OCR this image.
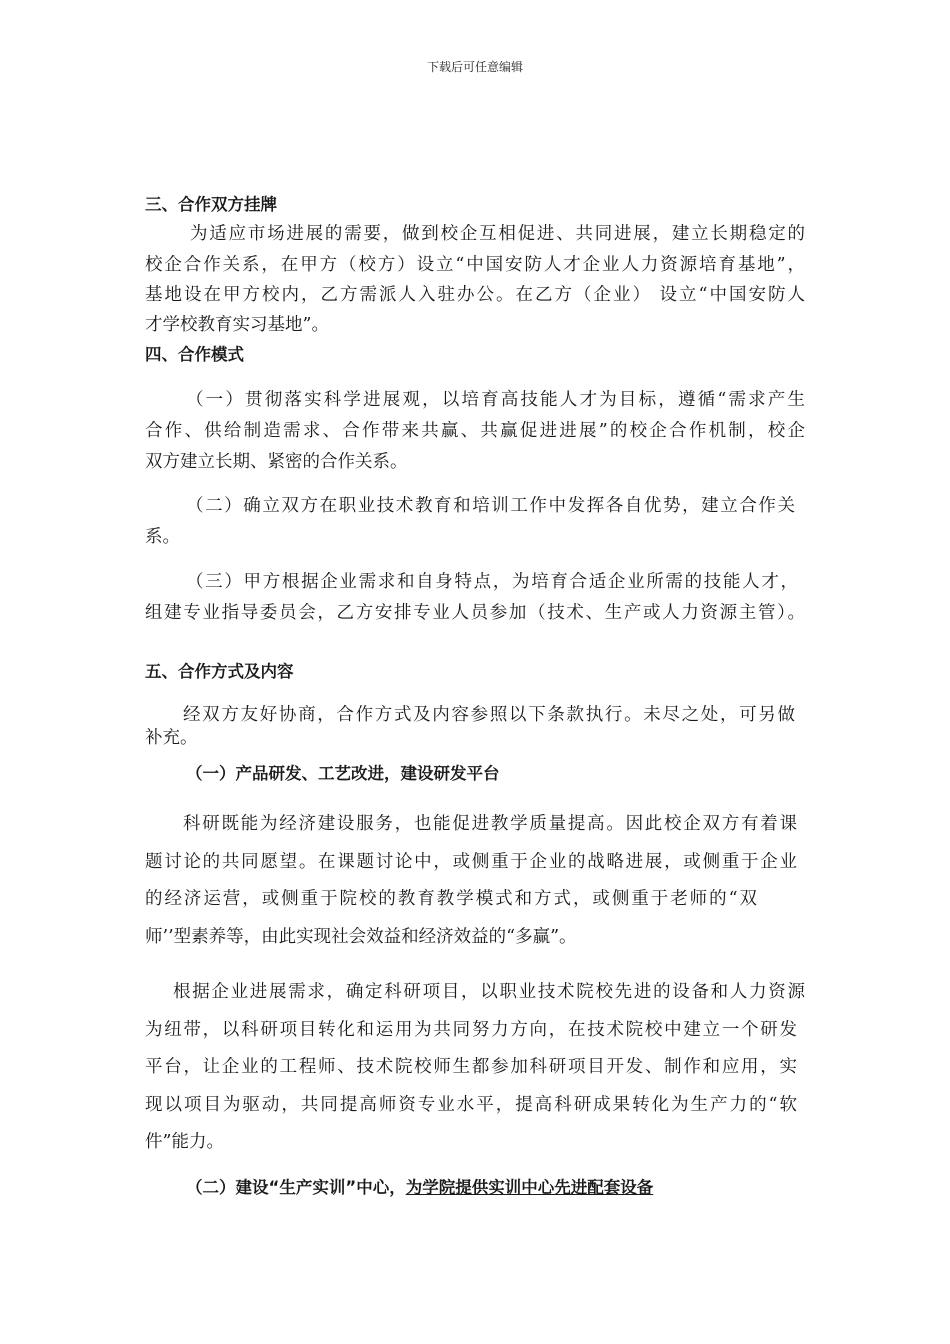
下载后可任意编辑
三、合作双方挂牌
为适应市场进展的需要，做到校企互相促进、共同进展，建立长期稳定的
校企合作关系，在甲方（校方）设立“中国安防人才企业人力资源培育基地”，
基地设在甲方校内，乙方需派人入驻办公。在乙方（企业） 设立“中国安防人
才学校教育实习基地”。
四、合作模式
（一）贯彻落实科学进展观，以培育高技能人才为目标，遵循“需求产生
合作、供给制造需求、合作带来共赢、共赢促进进展”的校企合作机制，校企
双方建立长期、紧密的合作关系。
（二）确立双方在职业技术教育和培训工作中发挥各自优势，建立合作关
系。
（三）甲方根据企业需求和自身特点，为培育合适企业所需的技能人才，
组建专业指导委员会，乙方安排专业人员参加（技术、生产或人力资源主管）。
五、合作方式及内容
经双方友好协商，合作方式及内容参照以下条款执行。未尽之处，可另做
补充。
（一）产品研发、工艺改进，建设研发平台
科研既能为经济建设服务，也能促进教学质量提高。因此校企双方有着课
题讨论的共同愿望。在课题讨论中，或侧重于企业的战略进展，或侧重于企业
的经济运营，或侧重于院校的教育教学模式和方式，或侧重于老师的“双
师’’型素养等，由此实现社会效益和经济效益的“多赢”。
根据企业进展需求，确定科研项目，以职业技术院校先进的设备和人力资源
为纽带，以科研项目转化和运用为共同努力方向，在技术院校中建立一个研发
平台，让企业的工程师、技术院校师生都参加科研项目开发、制作和应用，实
现以项目为驱动，共同提高师资专业水平，提高科研成果转化为生产力的“软
件”能力。
（二）建设“生产实训”中心，为学院提供实训中心先进配套设备
